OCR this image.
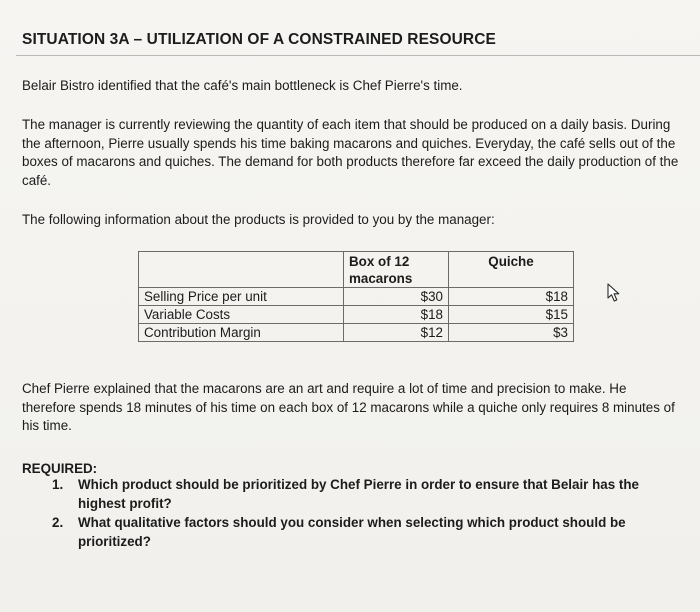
SITUATION 3A – UTILIZATION OF A CONSTRAINED RESOURCE

Belair Bistro identified that the café's main bottleneck is Chef Pierre's time.

The manager is currently reviewing the quantity of each item that should be produced on a daily basis. During the afternoon, Pierre usually spends his time baking macarons and quiches. Everyday, the café sells out of the boxes of macarons and quiches. The demand for both products therefore far exceed the daily production of the café.

The following information about the products is provided to you by the manager:

	Box of 12 macarons	Quiche
Selling Price per unit	$30	$18
Variable Costs	$18	$15
Contribution Margin	$12	$3

Chef Pierre explained that the macarons are an art and require a lot of time and precision to make. He therefore spends 18 minutes of his time on each box of 12 macarons while a quiche only requires 8 minutes of his time.

REQUIRED:
1. Which product should be prioritized by Chef Pierre in order to ensure that Belair has the highest profit?
2. What qualitative factors should you consider when selecting which product should be prioritized?
